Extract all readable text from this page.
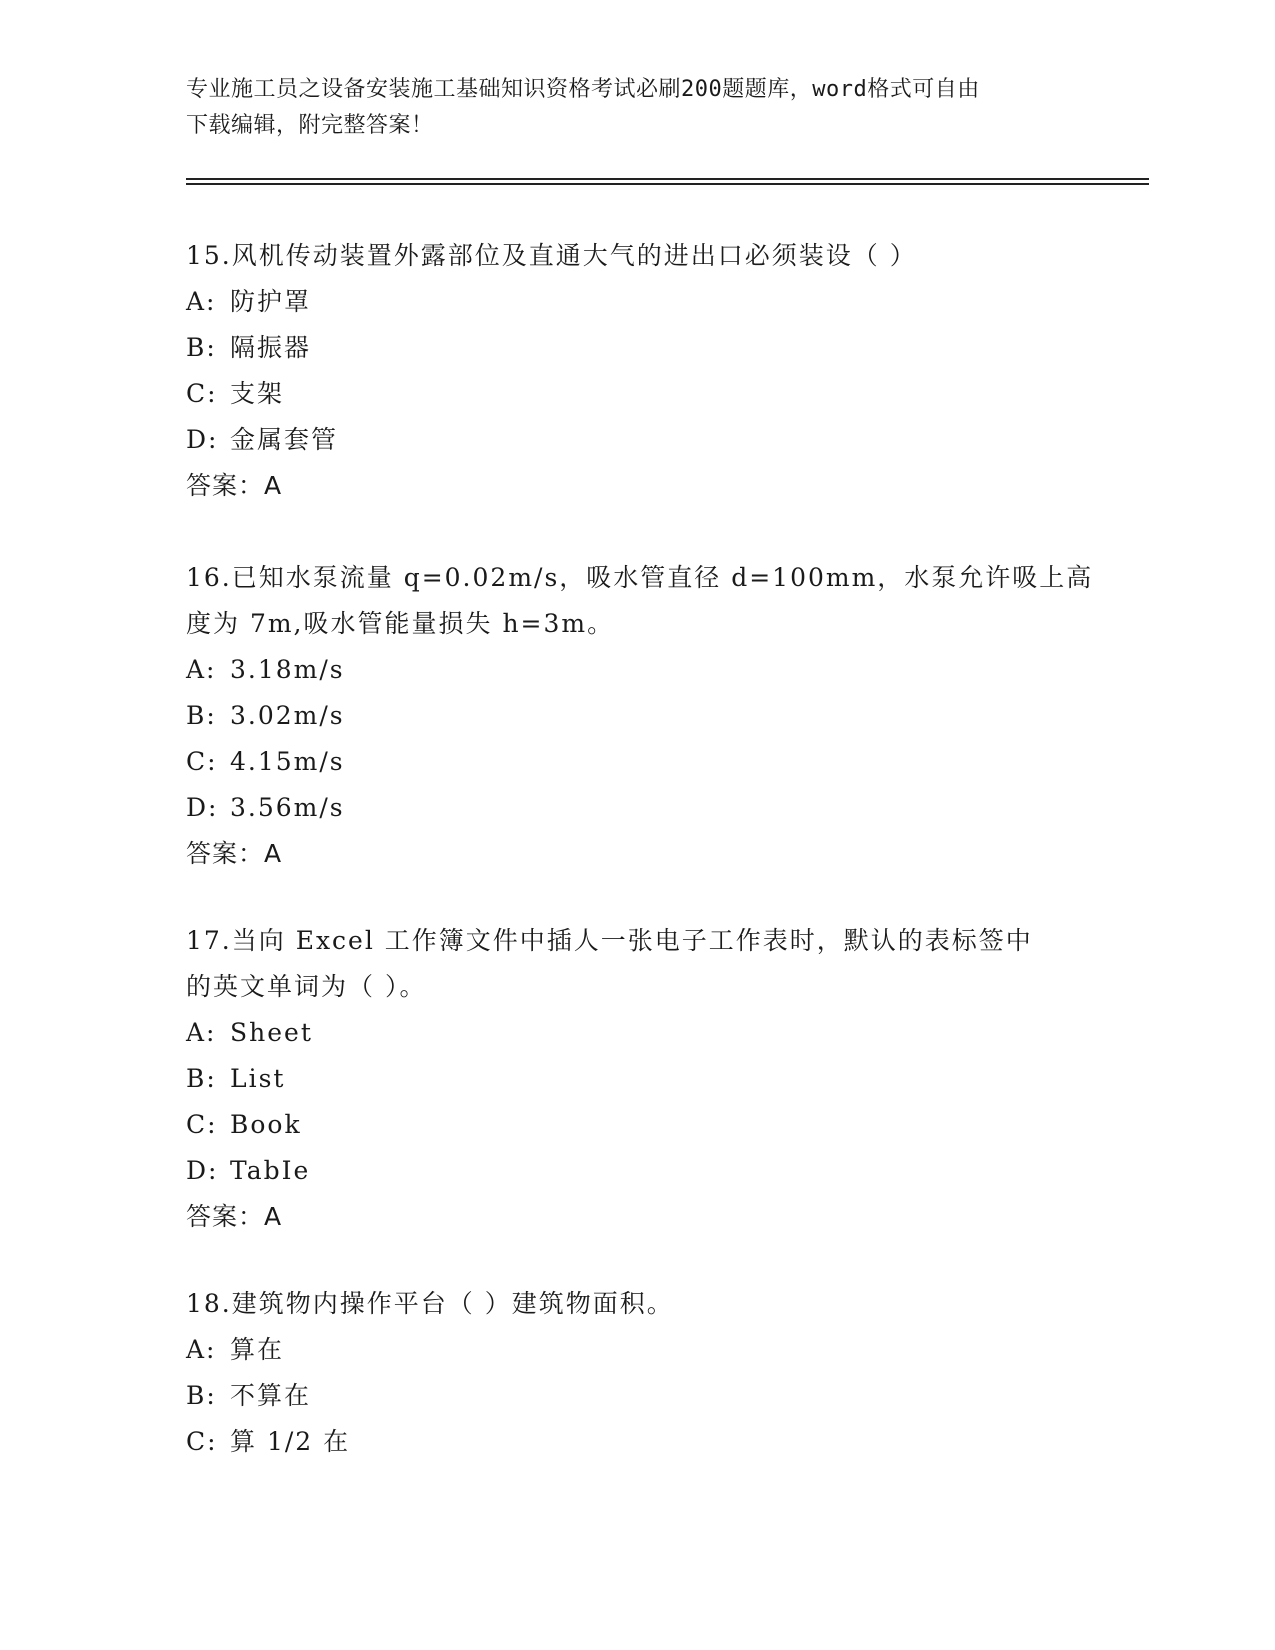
专业施工员之设备安装施工基础知识资格考试必刷200题题库，word格式可自由
下载编辑，附完整答案！
15.风机传动装置外露部位及直通大气的进出口必须装设（ ）
A: 防护罩
B: 隔振器
C: 支架
D: 金属套管
答案：A
16.已知水泵流量 q=0.02m/s，吸水管直径 d=100mm，水泵允许吸上高
度为 7m,吸水管能量损失 h=3m。
A: 3.18m/s
B: 3.02m/s
C: 4.15m/s
D: 3.56m/s
答案：A
17.当向 Excel 工作簿文件中插人一张电子工作表时，默认的表标签中
的英文单词为（ ）。
A: Sheet
B: List
C: Book
D: TabIe
答案：A
18.建筑物内操作平台（ ）建筑物面积。
A: 算在
B: 不算在
C: 算 1/2 在
